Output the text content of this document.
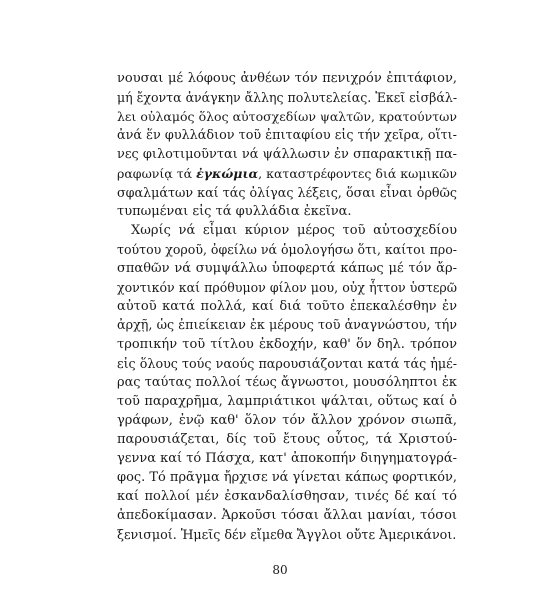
νουσαι μέ λόφους ἀνθέων τόν πενιχρόν ἐπιτάφιον,
μή ἔχοντα ἀνάγκην ἄλλης πολυτελείας. Ἐκεῖ εἰσβάλ-
λει οὐλαμός ὅλος αὐτοσχεδίων ψαλτῶν, κρατούντων
ἀνά ἕν φυλλάδιον τοῦ ἐπιταφίου εἰς τήν χεῖρα, οἵτι-
νες φιλοτιμοῦνται νά ψάλλωσιν ἐν σπαρακτικῇ πα-
ραφωνίᾳ τά ἐγκώμια, καταστρέφοντες διά κωμικῶν
σφαλμάτων καί τάς ὀλίγας λέξεις, ὅσαι εἶναι ὀρθῶς
τυπωμέναι εἰς τά φυλλάδια ἐκεῖνα.
Χωρίς νά εἶμαι κύριον μέρος τοῦ αὐτοσχεδίου
τούτου χοροῦ, ὀφείλω νά ὁμολογήσω ὅτι, καίτοι προ-
σπαθῶν νά συμψάλλω ὑποφερτά κάπως μέ τόν ἄρ-
χοντικόν καί πρόθυμον φίλον μου, οὐχ ἧττον ὑστερῶ
αὐτοῦ κατά πολλά, καί διά τοῦτο ἐπεκαλέσθην ἐν
ἀρχῇ, ὡς ἐπιείκειαν ἐκ μέρους τοῦ ἀναγνώστου, τήν
τροπικήν τοῦ τίτλου ἐκδοχήν, καθ' ὅν δηλ. τρόπον
εἰς ὅλους τούς ναούς παρουσιάζονται κατά τάς ἡμέ-
ρας ταύτας πολλοί τέως ἄγνωστοι, μουσόληπτοι ἐκ
τοῦ παραχρῆμα, λαμπριάτικοι ψάλται, οὕτως καί ὁ
γράφων, ἐνῷ καθ' ὅλον τόν ἄλλον χρόνον σιωπᾶ,
παρουσιάζεται, δίς τοῦ ἔτους οὗτος, τά Χριστού-
γεννα καί τό Πάσχα, κατ' ἀποκοπήν διηγηματογρά-
φος. Τό πρᾶγμα ἤρχισε νά γίνεται κάπως φορτικόν,
καί πολλοί μέν ἐσκανδαλίσθησαν, τινές δέ καί τό
ἀπεδοκίμασαν. Ἀρκοῦσι τόσαι ἄλλαι μανίαι, τόσοι
ξενισμοί. Ἡμεῖς δέν εἴμεθα Ἄγγλοι οὔτε Ἀμερικάνοι.
80
